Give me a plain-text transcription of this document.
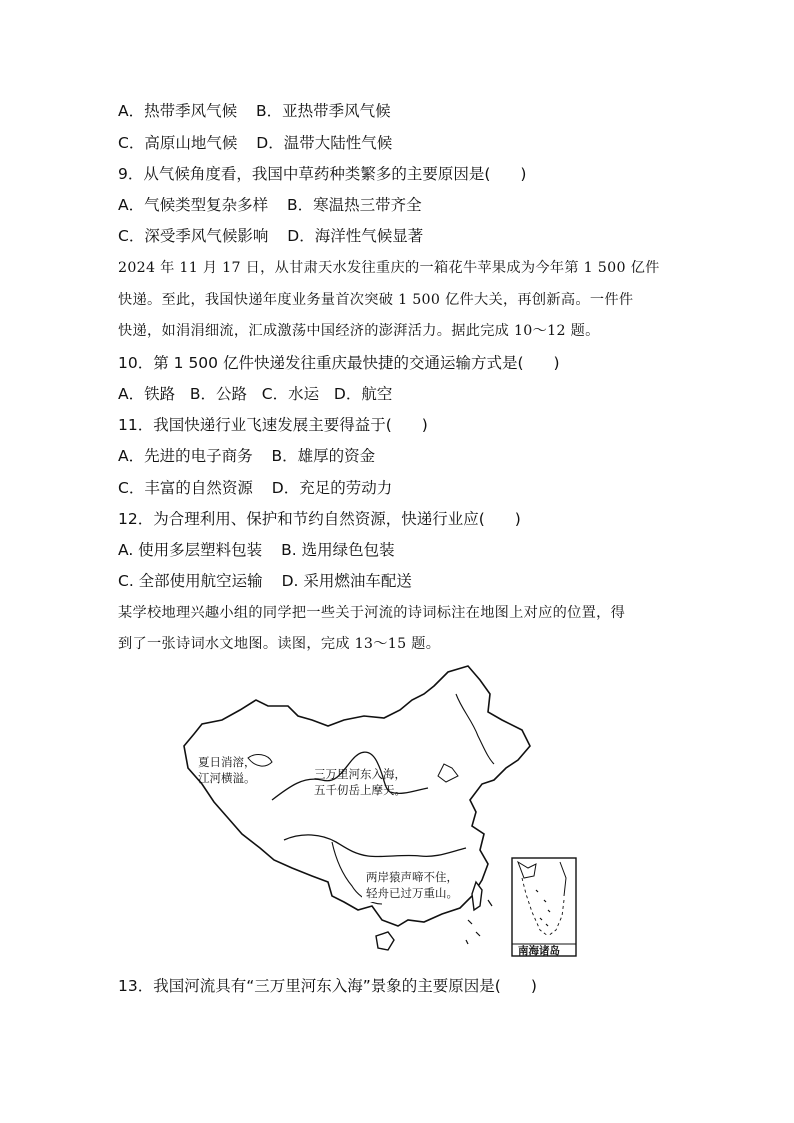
A．热带季风气候 B．亚热带季风气候
C．高原山地气候 D．温带大陆性气候
9．从气候角度看，我国中草药种类繁多的主要原因是( )
A．气候类型复杂多样 B．寒温热三带齐全
C．深受季风气候影响 D．海洋性气候显著
2024 年 11 月 17 日，从甘肃天水发往重庆的一箱花牛苹果成为今年第 1 500 亿件
快递。至此，我国快递年度业务量首次突破 1 500 亿件大关，再创新高。一件件
快递，如涓涓细流，汇成激荡中国经济的澎湃活力。据此完成 10～12 题。
10．第 1 500 亿件快递发往重庆最快捷的交通运输方式是( )
A．铁路   B．公路   C．水运   D．航空
11．我国快递行业飞速发展主要得益于( )
A．先进的电子商务 B．雄厚的资金
C．丰富的自然资源 D．充足的劳动力
12．为合理利用、保护和节约自然资源，快递行业应( )
A. 使用多层塑料包装 B. 选用绿色包装
C. 全部使用航空运输 D. 采用燃油车配送
某学校地理兴趣小组的同学把一些关于河流的诗词标注在地图上对应的位置，得
到了一张诗词水文地图。读图，完成 13～15 题。
夏日消溶，
江河横溢。	三万里河东入海，
五千仞岳上摩天。
两岸猿声啼不住，
轻舟已过万重山。
南海诸岛
13．我国河流具有“三万里河东入海”景象的主要原因是( )
